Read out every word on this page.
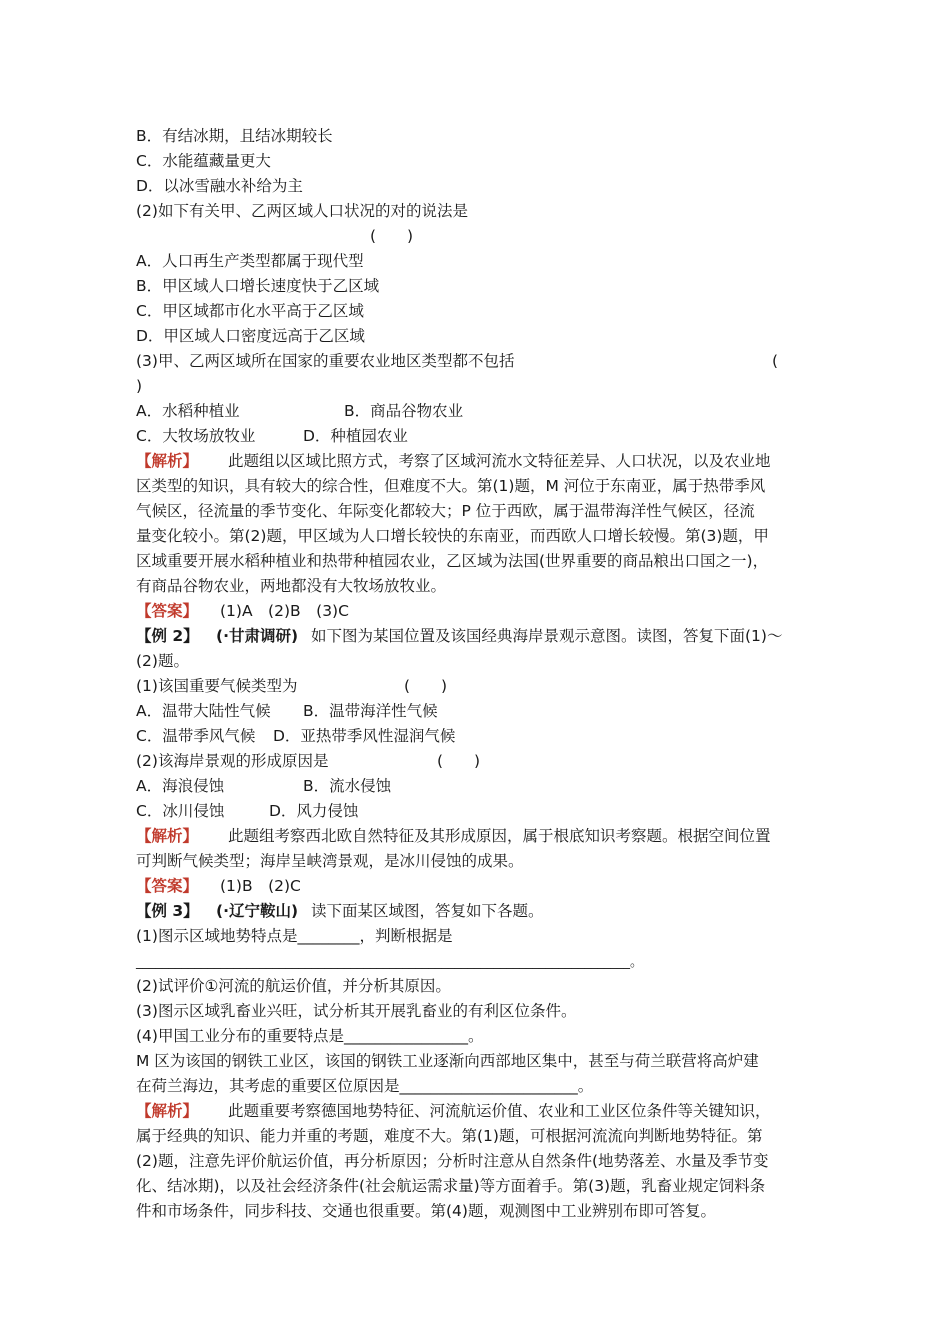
B．有结冰期，且结冰期较长
C．水能蕴藏量更大
D．以冰雪融水补给为主
(2)如下有关甲、乙两区域人口状况的对的说法是
(　　)
A．人口再生产类型都属于现代型
B．甲区域人口增长速度快于乙区域
C．甲区域都市化水平高于乙区域
D．甲区域人口密度远高于乙区域
(3)甲、乙两区域所在国家的重要农业地区类型都不包括	(
)
A．水稻种植业	B．商品谷物农业
C．大牧场放牧业	D．种植园农业
【解析】 此题组以区域比照方式，考察了区域河流水文特征差异、人口状况，以及农业地
区类型的知识，具有较大的综合性，但难度不大。第(1)题，M 河位于东南亚，属于热带季风
气候区，径流量的季节变化、年际变化都较大；P 位于西欧，属于温带海洋性气候区，径流
量变化较小。第(2)题，甲区域为人口增长较快的东南亚，而西欧人口增长较慢。第(3)题，甲
区域重要开展水稻种植业和热带种植园农业，乙区域为法国(世界重要的商品粮出口国之一)，
有商品谷物农业，两地都没有大牧场放牧业。
【答案】 (1)A　(2)B　(3)C
【例 2】 (·甘肃调研) 如下图为某国位置及该国经典海岸景观示意图。读图，答复下面(1)～
(2)题。
(1)该国重要气候类型为	(　　)
A．温带大陆性气候 B．温带海洋性气候
C．温带季风气候 D．亚热带季风性湿润气候
(2)该海岸景观的形成原因是	(　　)
A．海浪侵蚀	B．流水侵蚀
C．冰川侵蚀	D．风力侵蚀
【解析】 此题组考察西北欧自然特征及其形成原因，属于根底知识考察题。根据空间位置
可判断气候类型；海岸呈峡湾景观，是冰川侵蚀的成果。
【答案】 (1)B　(2)C
【例 3】 (·辽宁鞍山) 读下面某区域图，答复如下各题。
(1)图示区域地势特点是________，判断根据是
____________________________________________________________________________。
(2)试评价①河流的航运价值，并分析其原因。
(3)图示区域乳畜业兴旺，试分析其开展乳畜业的有利区位条件。
(4)甲国工业分布的重要特点是________________。
M 区为该国的钢铁工业区，该国的钢铁工业逐渐向西部地区集中，甚至与荷兰联营将高炉建
在荷兰海边，其考虑的重要区位原因是_______________________。
【解析】 此题重要考察德国地势特征、河流航运价值、农业和工业区位条件等关键知识，
属于经典的知识、能力并重的考题，难度不大。第(1)题，可根据河流流向判断地势特征。第
(2)题，注意先评价航运价值，再分析原因；分析时注意从自然条件(地势落差、水量及季节变
化、结冰期)，以及社会经济条件(社会航运需求量)等方面着手。第(3)题，乳畜业规定饲料条
件和市场条件，同步科技、交通也很重要。第(4)题，观测图中工业辨别布即可答复。
